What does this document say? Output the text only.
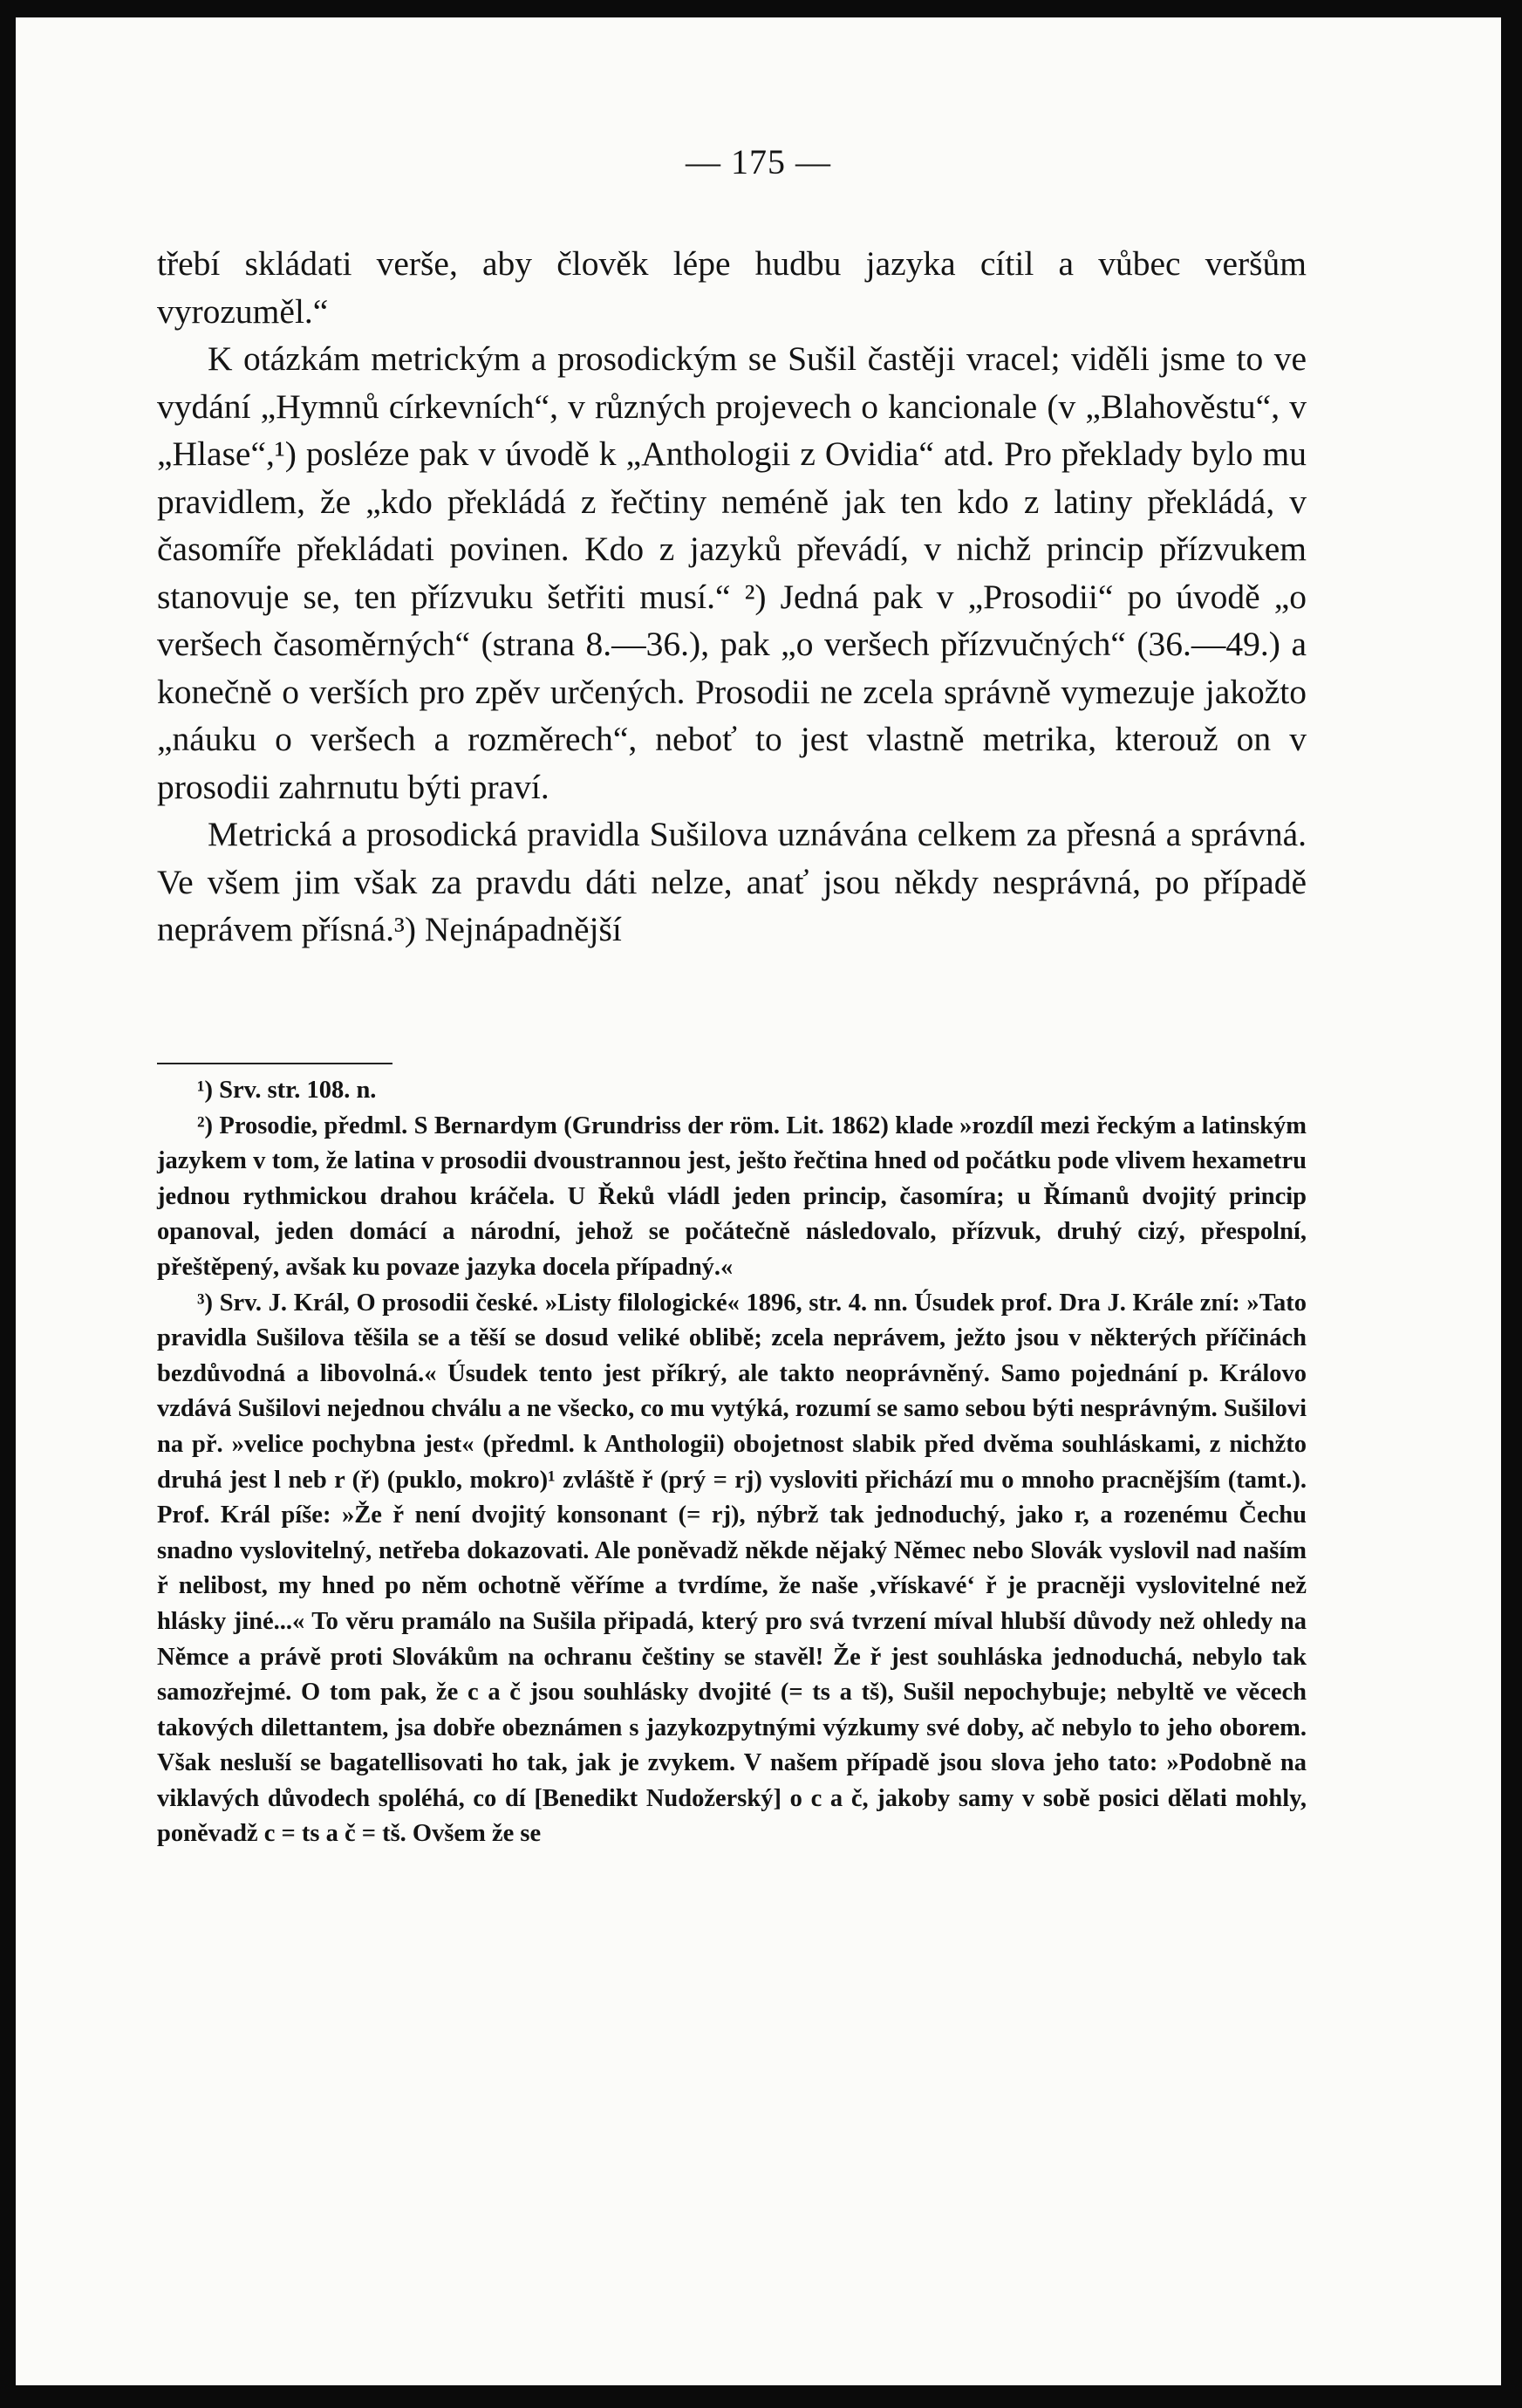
— 175 —

třebí skládati verše, aby člověk lépe hudbu jazyka cítil a vůbec veršům vyrozuměl.“

K otázkám metrickým a prosodickým se Sušil častěji vracel; viděli jsme to ve vydání „Hymnů církevních“, v různých projevech o kancionale (v „Blahověstu“, v „Hlase“,¹) posléze pak v úvodě k „Anthologii z Ovidia“ atd. Pro překlady bylo mu pravidlem, že „kdo překládá z řečtiny neméně jak ten kdo z latiny překládá, v časomíře překládati povinen. Kdo z jazyků převádí, v nichž princip přízvukem stanovuje se, ten přízvuku šetřiti musí.“ ²) Jedná pak v „Prosodii“ po úvodě „o veršech časoměrných“ (strana 8.—36.), pak „o veršech přízvučných“ (36.—49.) a konečně o verších pro zpěv určených. Prosodii ne zcela správně vymezuje jakožto „náuku o veršech a rozměrech“, neboť to jest vlastně metrika, kterouž on v prosodii zahrnutu býti praví.

Metrická a prosodická pravidla Sušilova uznávána celkem za přesná a správná. Ve všem jim však za pravdu dáti nelze, anať jsou někdy nesprávná, po případě neprávem přísná.³) Nejnápadnější

¹) Srv. str. 108. n.

²) Prosodie, předml. S Bernardym (Grundriss der röm. Lit. 1862) klade »rozdíl mezi řeckým a latinským jazykem v tom, že latina v prosodii dvoustrannou jest, ješto řečtina hned od počátku pode vlivem hexametru jednou rythmickou drahou kráčela. U Řeků vládl jeden princip, časomíra; u Římanů dvojitý princip opanoval, jeden domácí a národní, jehož se počátečně následovalo, přízvuk, druhý cizý, přespolní, přeštěpený, avšak ku povaze jazyka docela případný.«

³) Srv. J. Král, O prosodii české. »Listy filologické« 1896, str. 4. nn. Úsudek prof. Dra J. Krále zní: »Tato pravidla Sušilova těšila se a těší se dosud veliké oblibě; zcela neprávem, ježto jsou v některých příčinách bezdůvodná a libovolná.« Úsudek tento jest příkrý, ale takto neoprávněný. Samo pojednání p. Královo vzdává Sušilovi nejednou chválu a ne všecko, co mu vytýká, rozumí se samo sebou býti nesprávným. Sušilovi na př. »velice pochybna jest« (předml. k Anthologii) obojetnost slabik před dvěma souhláskami, z nichžto druhá jest l neb r (ř) (puklo, mokro)¹ zvláště ř (prý = rj) vysloviti přichází mu o mnoho pracnějším (tamt.). Prof. Král píše: »Že ř není dvojitý konsonant (= rj), nýbrž tak jednoduchý, jako r, a rozenému Čechu snadno vyslovitelný, netřeba dokazovati. Ale poněvadž někde nějaký Němec nebo Slovák vyslovil nad naším ř nelibost, my hned po něm ochotně věříme a tvrdíme, že naše ‚vřískavé‘ ř je pracněji vyslovitelné než hlásky jiné...« To věru pramálo na Sušila připadá, který pro svá tvrzení míval hlubší důvody než ohledy na Němce a právě proti Slovákům na ochranu češtiny se stavěl! Že ř jest souhláska jednoduchá, nebylo tak samozřejmé. O tom pak, že c a č jsou souhlásky dvojité (= ts a tš), Sušil nepochybuje; nebyltě ve věcech takových dilettantem, jsa dobře obeznámen s jazykozpytnými výzkumy své doby, ač nebylo to jeho oborem. Však nesluší se bagatellisovati ho tak, jak je zvykem. V našem případě jsou slova jeho tato: »Podobně na viklavých důvodech spoléhá, co dí [Benedikt Nudožerský] o c a č, jakoby samy v sobě posici dělati mohly, poněvadž c = ts a č = tš. Ovšem že se
